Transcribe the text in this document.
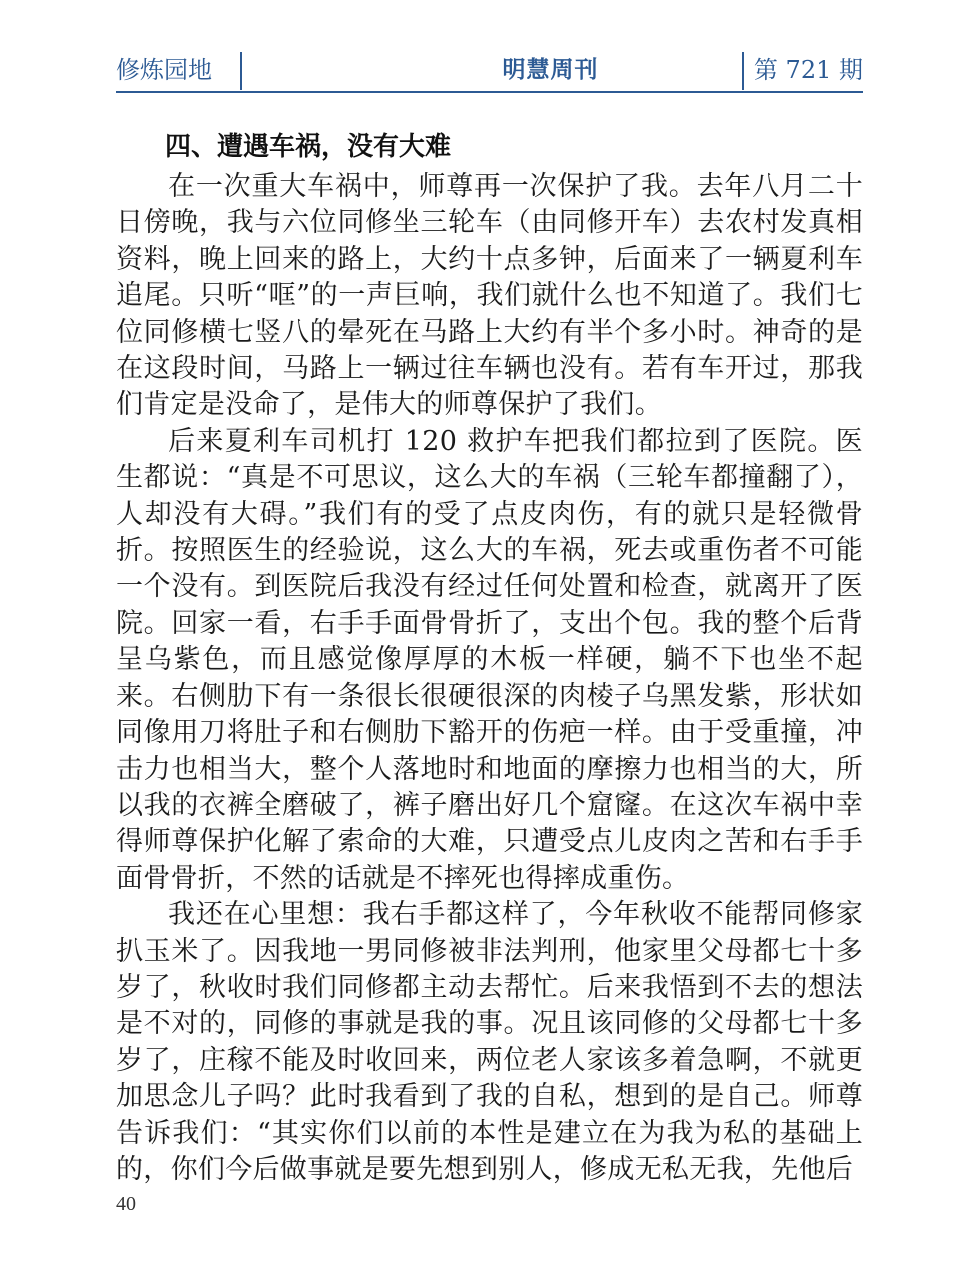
修炼园地	明慧周刊	第 721 期
四、遭遇车祸，没有大难

在一次重大车祸中，师尊再一次保护了我。去年八月二十日傍晚，我与六位同修坐三轮车（由同修开车）去农村发真相资料，晚上回来的路上，大约十点多钟，后面来了一辆夏利车追尾。只听“哐”的一声巨响，我们就什么也不知道了。我们七位同修横七竖八的晕死在马路上大约有半个多小时。神奇的是在这段时间，马路上一辆过往车辆也没有。若有车开过，那我们肯定是没命了，是伟大的师尊保护了我们。

后来夏利车司机打 120 救护车把我们都拉到了医院。医生都说：“真是不可思议，这么大的车祸（三轮车都撞翻了），人却没有大碍。”我们有的受了点皮肉伤，有的就只是轻微骨折。按照医生的经验说，这么大的车祸，死去或重伤者不可能一个没有。到医院后我没有经过任何处置和检查，就离开了医院。回家一看，右手手面骨骨折了，支出个包。我的整个后背呈乌紫色，而且感觉像厚厚的木板一样硬，躺不下也坐不起来。右侧肋下有一条很长很硬很深的肉棱子乌黑发紫，形状如同像用刀将肚子和右侧肋下豁开的伤疤一样。由于受重撞，冲击力也相当大，整个人落地时和地面的摩擦力也相当的大，所以我的衣裤全磨破了，裤子磨出好几个窟窿。在这次车祸中幸得师尊保护化解了索命的大难，只遭受点儿皮肉之苦和右手手面骨骨折，不然的话就是不摔死也得摔成重伤。

我还在心里想：我右手都这样了，今年秋收不能帮同修家扒玉米了。因我地一男同修被非法判刑，他家里父母都七十多岁了，秋收时我们同修都主动去帮忙。后来我悟到不去的想法是不对的，同修的事就是我的事。况且该同修的父母都七十多岁了，庄稼不能及时收回来，两位老人家该多着急啊，不就更加思念儿子吗？此时我看到了我的自私，想到的是自己。师尊告诉我们：“其实你们以前的本性是建立在为我为私的基础上的，你们今后做事就是要先想到别人，修成无私无我，先他后

40
